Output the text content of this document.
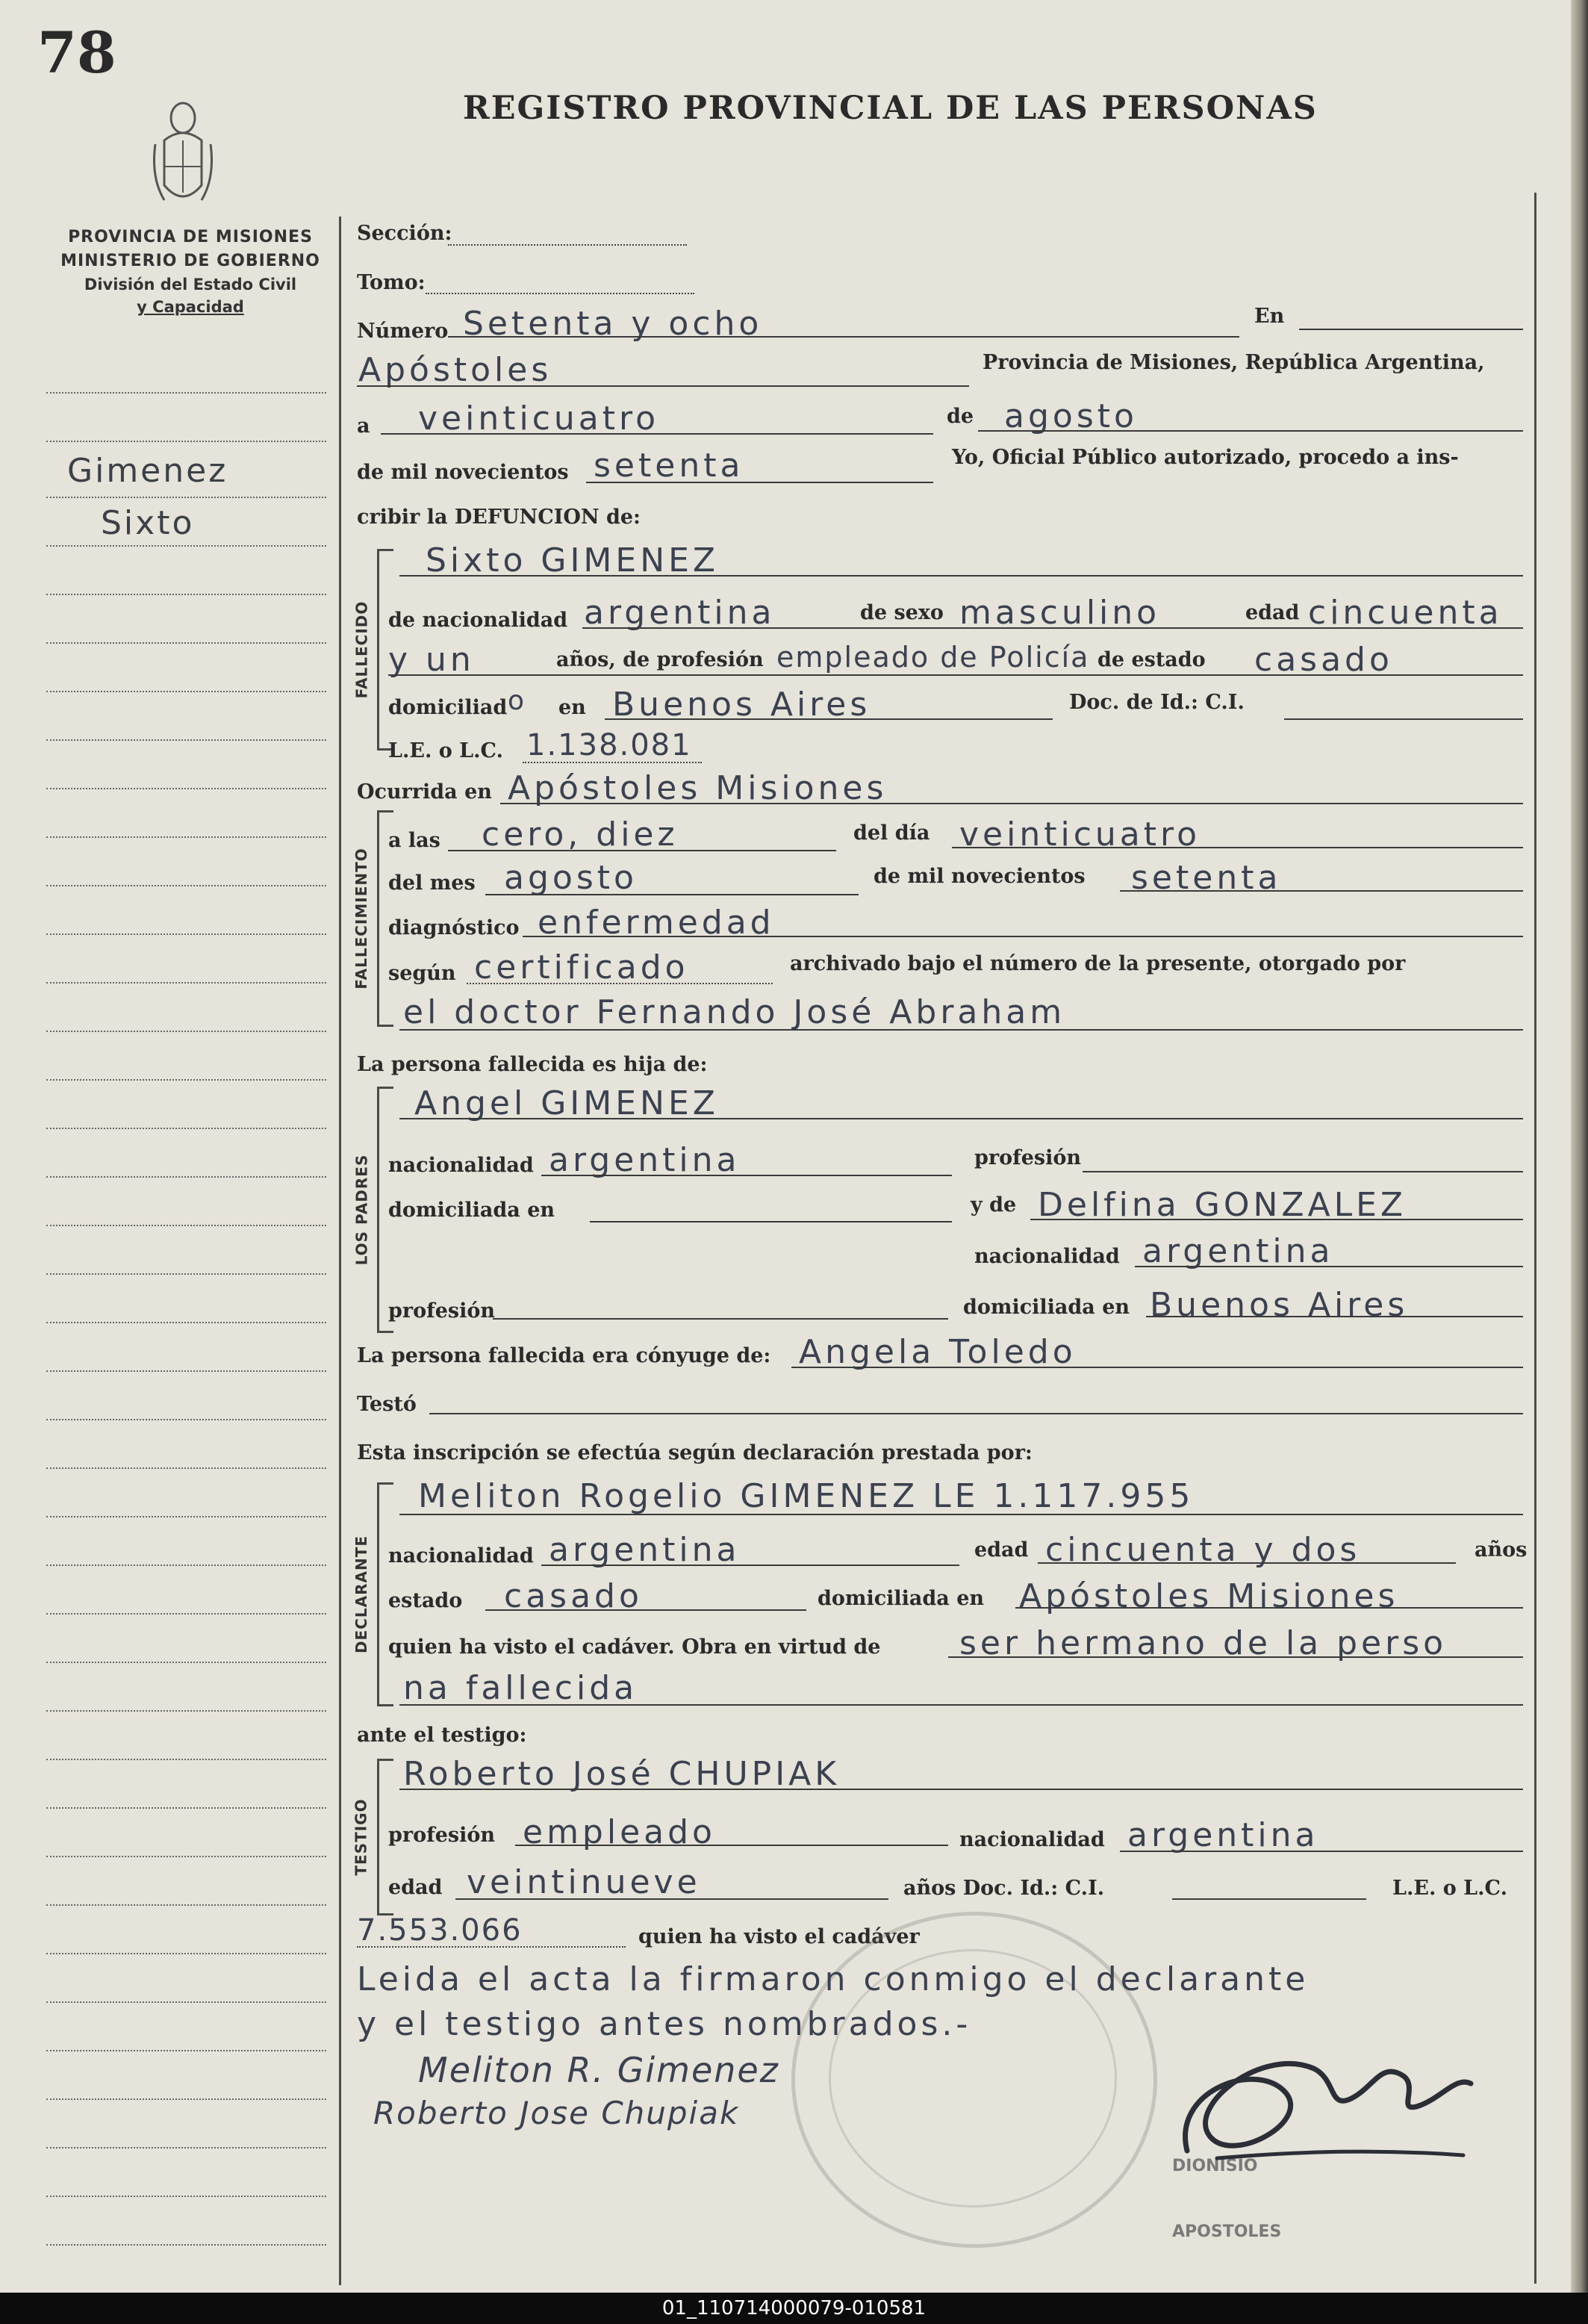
78
REGISTRO PROVINCIAL DE LAS PERSONAS
PROVINCIA DE MISIONES
MINISTERIO DE GOBIERNO
División del Estado Civil
y Capacidad
Gimenez
Sixto
FALLECIDO
FALLECIMIENTO
LOS PADRES
DECLARANTE
TESTIGO
Sección:
Tomo:
Número Setenta y ocho	En
Apóstoles	Provincia de Misiones, República Argentina,
a veinticuatro	de agosto
de mil novecientos setenta	Yo, Oficial Público autorizado, procedo a ins-
cribir la DEFUNCION de:
Sixto GIMENEZ
de nacionalidad argentina	de sexo masculino	edad cincuenta
y un	años, de profesión empleado de Policía de estado casado
domiciliad o en Buenos Aires	Doc. de Id.: C.I.
L.E. o L.C. 1.138.081
Ocurrida en Apóstoles Misiones
a las cero, diez	del día veinticuatro
del mes agosto	de mil novecientos setenta
diagnóstico enfermedad
según certificado	archivado bajo el número de la presente, otorgado por
el doctor Fernando José Abraham
La persona fallecida es hija de:
Angel GIMENEZ
nacionalidad argentina	profesión
domiciliada en	y de Delfina GONZALEZ
nacionalidad argentina
profesión	domiciliada en Buenos Aires
La persona fallecida era cónyuge de: Angela Toledo
Testó
Esta inscripción se efectúa según declaración prestada por:
Meliton Rogelio GIMENEZ LE 1.117.955
nacionalidad argentina	edad cincuenta y dos	años
estado casado	domiciliada en Apóstoles Misiones
quien ha visto el cadáver. Obra en virtud de ser hermano de la perso
na fallecida
ante el testigo:
Roberto José CHUPIAK
profesión empleado	nacionalidad argentina
edad veintinueve	años Doc. Id.: C.I.	L.E. o L.C.
7.553.066	quien ha visto el cadáver
DIONISIO
APOSTOLES
Leida el acta la firmaron conmigo el declarante
y el testigo antes nombrados.-
Meliton R. Gimenez
Roberto Jose Chupiak
01_110714000079-010581
